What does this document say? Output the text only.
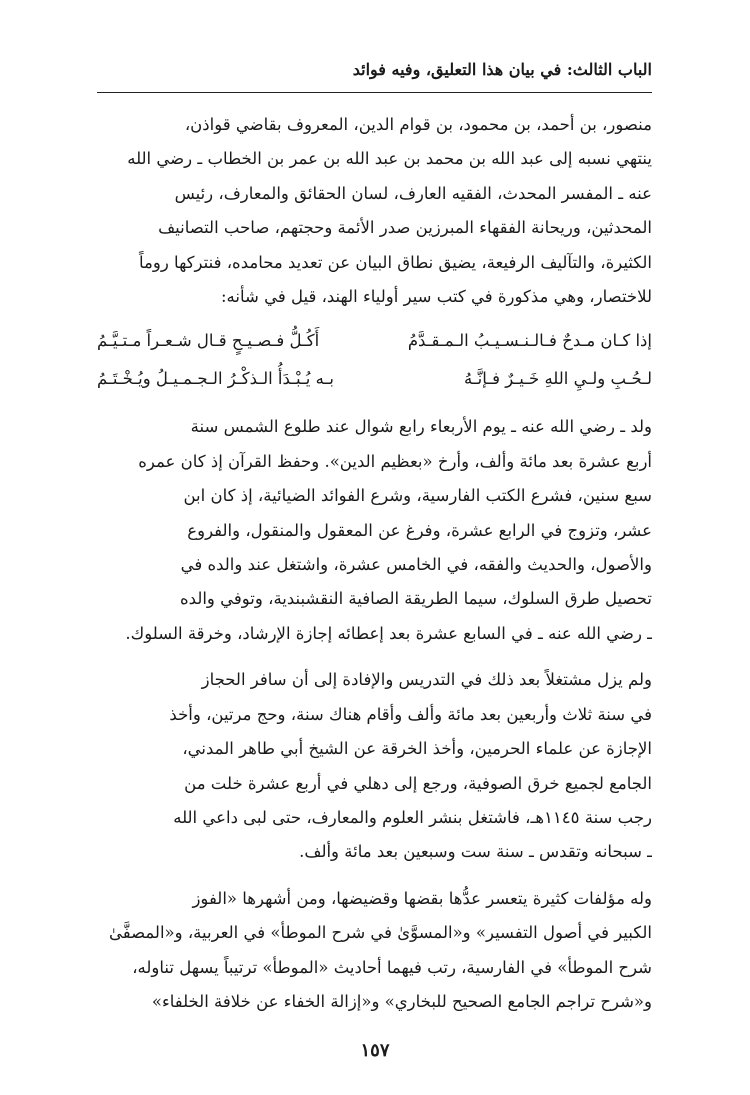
الباب الثالث: في بيان هذا التعليق، وفيه فوائد

منصور، بن أحمد، بن محمود، بن قوام الدين، المعروف بقاضي قواذن،
ينتهي نسبه إلى عبد الله بن محمد بن عبد الله بن عمر بن الخطاب ـ رضي الله
عنه ـ المفسر المحدث، الفقيه العارف، لسان الحقائق والمعارف، رئيس
المحدثين، وريحانة الفقهاء المبرزين صدر الأئمة وحجتهم، صاحب التصانيف
الكثيرة، والتآليف الرفيعة، يضيق نطاق البيان عن تعديد محامده، فنتركها روماً
للاختصار، وهي مذكورة في كتب سير أولياء الهند، قيل في شأنه:

إذا كـان مـدحٌ فـالـنـسـيـبُ الـمـقـدَّمُ
أَكُـلُّ فـصـيـحٍ قـال شـعـراً مـتـيَّـمُ
لـحُـبِ ولـيِ اللهِ خَـيـرٌ فـإنَّـهُ
بـه يُـبْـدَأُ الـذكْـرُ الـجـمـيـلُ ويُـخْـتَـمُ

ولد ـ رضي الله عنه ـ يوم الأربعاء رابع شوال عند طلوع الشمس سنة
أربع عشرة بعد مائة وألف، وأرخ «بعظيم الدين». وحفظ القرآن إذ كان عمره
سبع سنين، فشرع الكتب الفارسية، وشرع الفوائد الضيائية، إذ كان ابن
عشر، وتزوج في الرابع عشرة، وفرغ عن المعقول والمنقول، والفروع
والأصول، والحديث والفقه، في الخامس عشرة، واشتغل عند والده في
تحصيل طرق السلوك، سيما الطريقة الصافية النقشبندية، وتوفي والده
ـ رضي الله عنه ـ في السابع عشرة بعد إعطائه إجازة الإرشاد، وخرقة السلوك.

ولم يزل مشتغلاً بعد ذلك في التدريس والإفادة إلى أن سافر الحجاز
في سنة ثلاث وأربعين بعد مائة وألف وأقام هناك سنة، وحج مرتين، وأخذ
الإجازة عن علماء الحرمين، وأخذ الخرقة عن الشيخ أبي طاهر المدني،
الجامع لجميع خرق الصوفية، ورجع إلى دهلي في أربع عشرة خلت من
رجب سنة ١١٤٥هـ، فاشتغل بنشر العلوم والمعارف، حتى لبى داعي الله
ـ سبحانه وتقدس ـ سنة ست وسبعين بعد مائة وألف.

وله مؤلفات كثيرة يتعسر عدُّها بقضها وقضيضها، ومن أشهرها «الفوز
الكبير في أصول التفسير» و«المسوَّىٰ في شرح الموطأ» في العربية، و«المصفَّىٰ
شرح الموطأ» في الفارسية، رتب فيهما أحاديث «الموطأ» ترتيباً يسهل تناوله،
و«شرح تراجم الجامع الصحيح للبخاري» و«إزالة الخفاء عن خلافة الخلفاء»

١٥٧
